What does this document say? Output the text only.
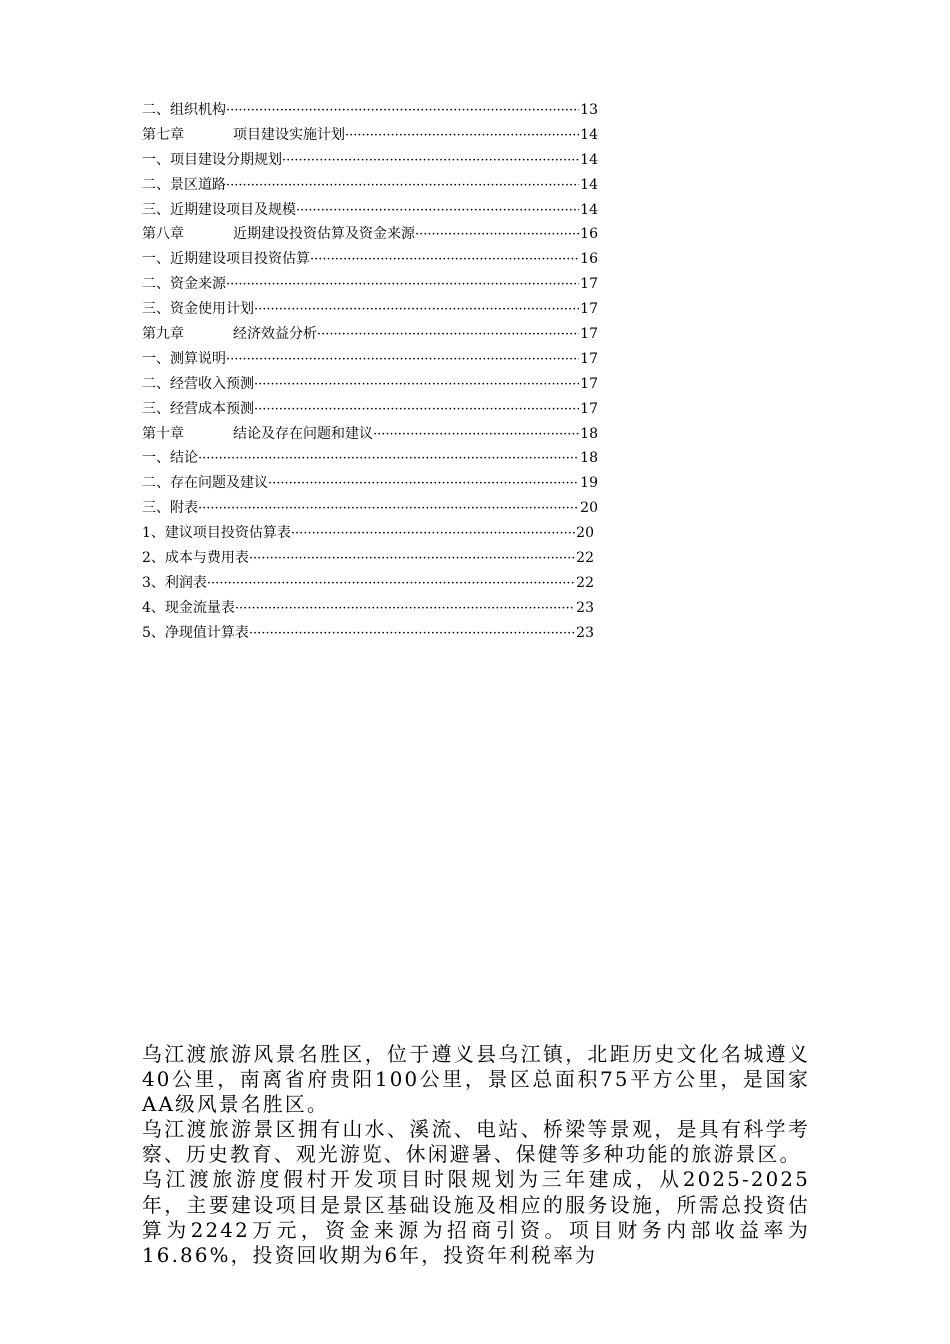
二、组织机构 ·····	13
第七章	项目建设实施计划 ·····	14
一、项目建设分期规划 ·····	14
二、景区道路 ·····	14
三、近期建设项目及规模 ·····	14
第八章	近期建设投资估算及资金来源 ·····	16
一、近期建设项目投资估算 ·····	16
二、资金来源 ·····	17
三、资金使用计划 ·····	17
第九章	经济效益分析 ·····	17
一、测算说明 ·····	17
二、经营收入预测 ·····	17
三、经营成本预测 ·····	17
第十章	结论及存在问题和建议 ·····	18
一、结论 ·····	18
二、存在问题及建议 ·····	19
三、附表 ·····	20
1、建议项目投资估算表 ·····	20
2、成本与费用表 ·····	22
3、利润表 ·····	22
4、现金流量表 ·····	23
5、净现值计算表 ·····	23

乌江渡旅游风景名胜区，位于遵义县乌江镇，北距历史文化名城遵义40公里，南离省府贵阳100公里，景区总面积75平方公里，是国家AA级风景名胜区。

乌江渡旅游景区拥有山水、溪流、电站、桥梁等景观，是具有科学考察、历史教育、观光游览、休闲避暑、保健等多种功能的旅游景区。

乌江渡旅游度假村开发项目时限规划为三年建成，从2025-2025年，主要建设项目是景区基础设施及相应的服务设施，所需总投资估算为2242万元，资金来源为招商引资。项目财务内部收益率为16.86%，投资回收期为6年，投资年利税率为
